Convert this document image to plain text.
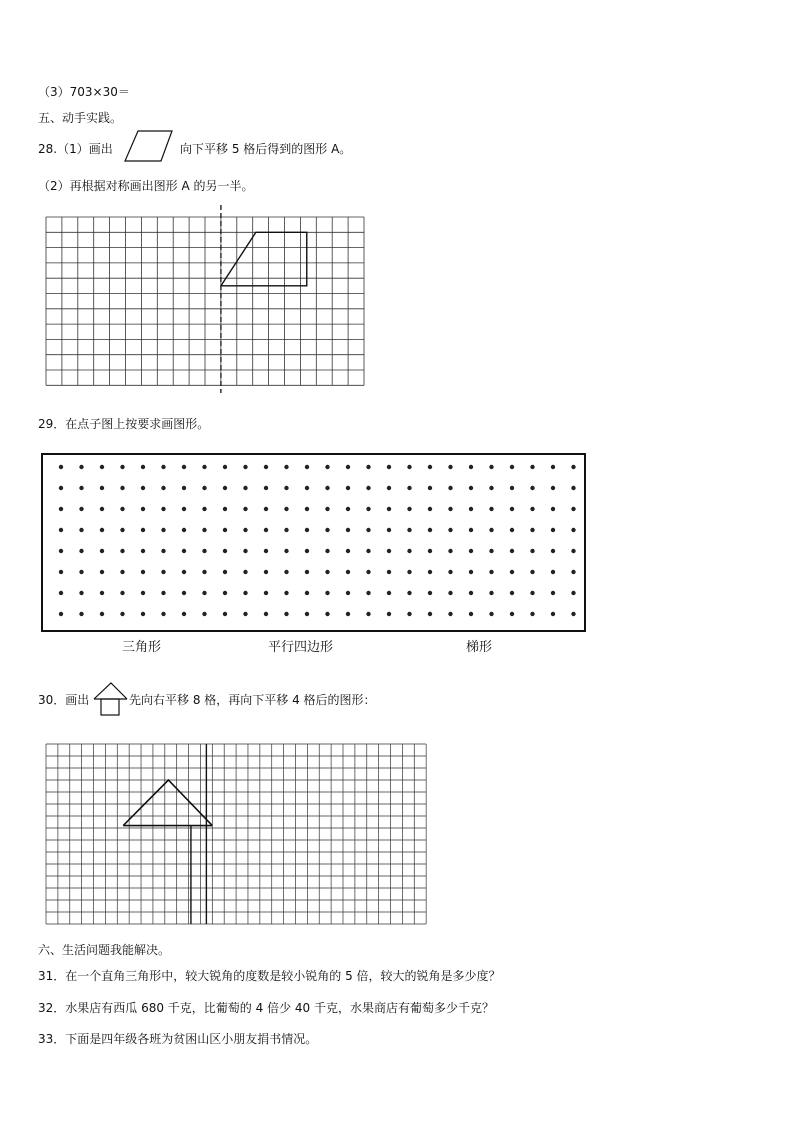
（3）703×30＝
五、动手实践。
28.（1）画出	向下平移 5 格后得到的图形 A。
（2）再根据对称画出图形 A 的另一半。
29．在点子图上按要求画图形。
三角形	平行四边形	梯形
30．画出	先向右平移 8 格，再向下平移 4 格后的图形：
六、生活问题我能解决。
31．在一个直角三角形中，较大锐角的度数是较小锐角的 5 倍，较大的锐角是多少度？
32．水果店有西瓜 680 千克，比葡萄的 4 倍少 40 千克，水果商店有葡萄多少千克？
33．下面是四年级各班为贫困山区小朋友捐书情况。
